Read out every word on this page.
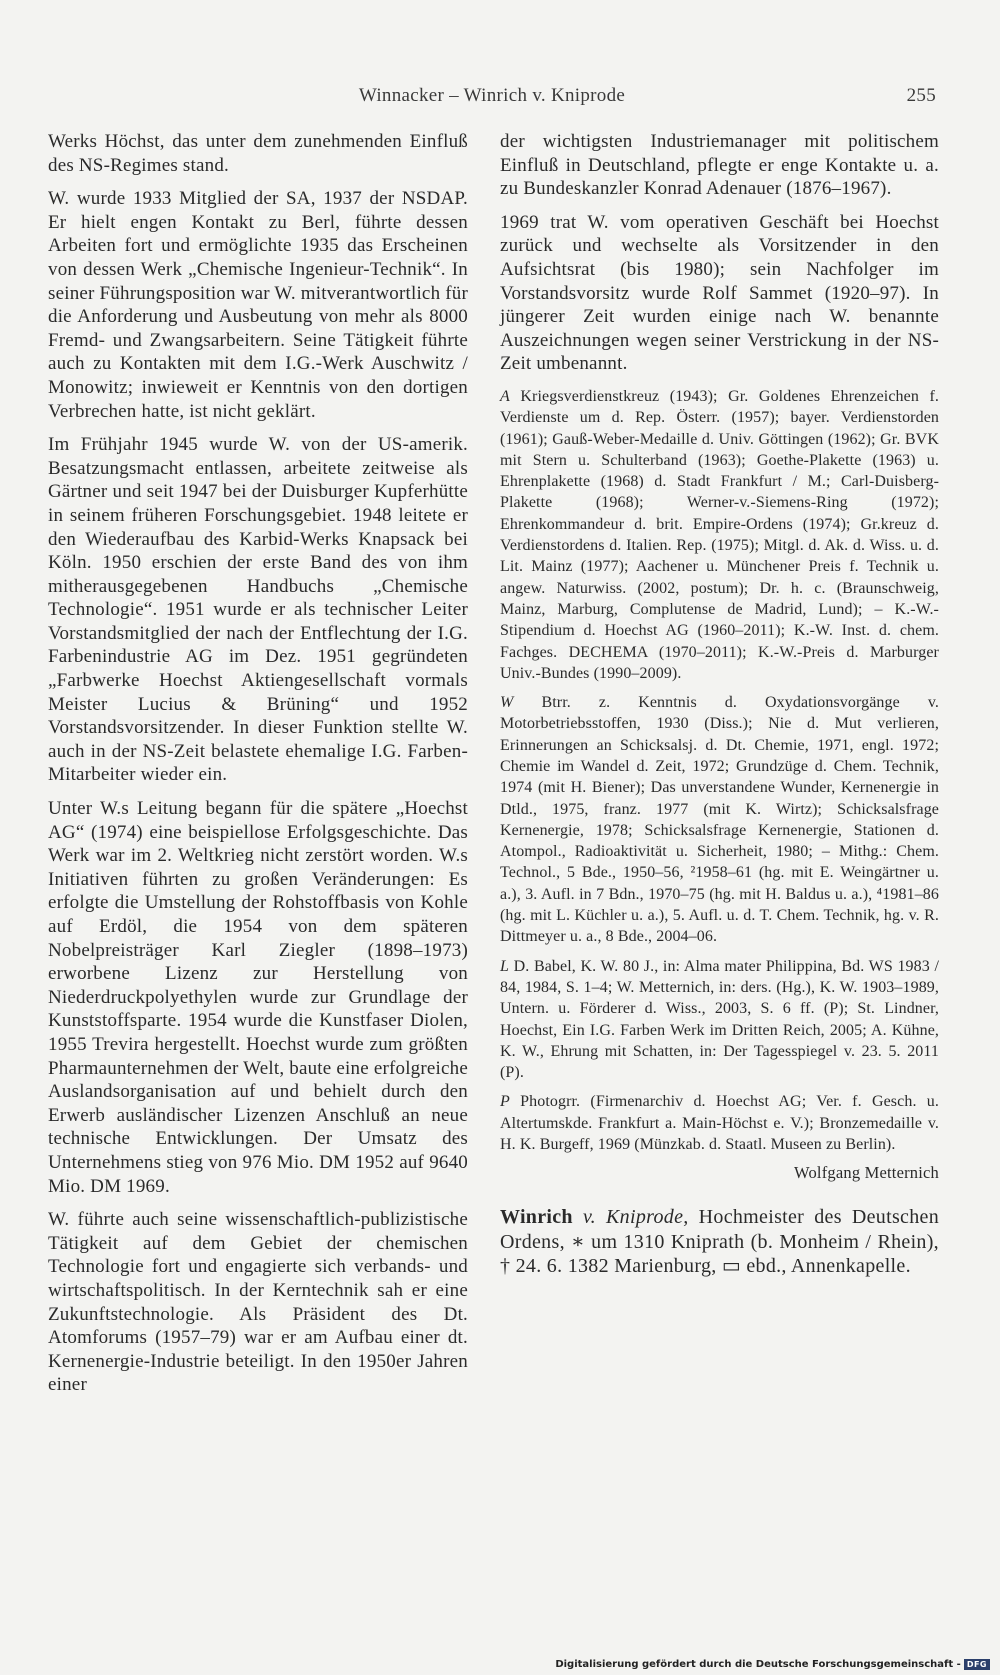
Winnacker – Winrich v. Kniprode	255

Werks Höchst, das unter dem zunehmenden Einfluß des NS-Regimes stand.

W. wurde 1933 Mitglied der SA, 1937 der NSDAP. Er hielt engen Kontakt zu Berl, führte dessen Arbeiten fort und ermöglichte 1935 das Erscheinen von dessen Werk „Chemische Ingenieur-Technik“. In seiner Führungsposition war W. mitverantwortlich für die Anforderung und Ausbeutung von mehr als 8000 Fremd- und Zwangsarbeitern. Seine Tätigkeit führte auch zu Kontakten mit dem I.G.-Werk Auschwitz / Monowitz; inwieweit er Kenntnis von den dortigen Verbrechen hatte, ist nicht geklärt.

Im Frühjahr 1945 wurde W. von der US-amerik. Besatzungsmacht entlassen, arbeitete zeitweise als Gärtner und seit 1947 bei der Duisburger Kupferhütte in seinem früheren Forschungsgebiet. 1948 leitete er den Wiederaufbau des Karbid-Werks Knapsack bei Köln. 1950 erschien der erste Band des von ihm mitherausgegebenen Handbuchs „Chemische Technologie“. 1951 wurde er als technischer Leiter Vorstandsmitglied der nach der Entflechtung der I.G. Farbenindustrie AG im Dez. 1951 gegründeten „Farbwerke Hoechst Aktiengesellschaft vormals Meister Lucius & Brüning“ und 1952 Vorstandsvorsitzender. In dieser Funktion stellte W. auch in der NS-Zeit belastete ehemalige I.G. Farben-Mitarbeiter wieder ein.

Unter W.s Leitung begann für die spätere „Hoechst AG“ (1974) eine beispiellose Erfolgsgeschichte. Das Werk war im 2. Weltkrieg nicht zerstört worden. W.s Initiativen führten zu großen Veränderungen: Es erfolgte die Umstellung der Rohstoffbasis von Kohle auf Erdöl, die 1954 von dem späteren Nobelpreisträger Karl Ziegler (1898–1973) erworbene Lizenz zur Herstellung von Niederdruckpolyethylen wurde zur Grundlage der Kunststoffsparte. 1954 wurde die Kunstfaser Diolen, 1955 Trevira hergestellt. Hoechst wurde zum größten Pharmaunternehmen der Welt, baute eine erfolgreiche Auslandsorganisation auf und behielt durch den Erwerb ausländischer Lizenzen Anschluß an neue technische Entwicklungen. Der Umsatz des Unternehmens stieg von 976 Mio. DM 1952 auf 9640 Mio. DM 1969.

W. führte auch seine wissenschaftlich-publizistische Tätigkeit auf dem Gebiet der chemischen Technologie fort und engagierte sich verbands- und wirtschaftspolitisch. In der Kerntechnik sah er eine Zukunftstechnologie. Als Präsident des Dt. Atomforums (1957–79) war er am Aufbau einer dt. Kernenergie-Industrie beteiligt. In den 1950er Jahren einer

der wichtigsten Industriemanager mit politischem Einfluß in Deutschland, pflegte er enge Kontakte u. a. zu Bundeskanzler Konrad Adenauer (1876–1967).

1969 trat W. vom operativen Geschäft bei Hoechst zurück und wechselte als Vorsitzender in den Aufsichtsrat (bis 1980); sein Nachfolger im Vorstandsvorsitz wurde Rolf Sammet (1920–97). In jüngerer Zeit wurden einige nach W. benannte Auszeichnungen wegen seiner Verstrickung in der NS-Zeit umbenannt.

A Kriegsverdienstkreuz (1943); Gr. Goldenes Ehrenzeichen f. Verdienste um d. Rep. Österr. (1957); bayer. Verdienstorden (1961); Gauß-Weber-Medaille d. Univ. Göttingen (1962); Gr. BVK mit Stern u. Schulterband (1963); Goethe-Plakette (1963) u. Ehrenplakette (1968) d. Stadt Frankfurt / M.; Carl-Duisberg-Plakette (1968); Werner-v.-Siemens-Ring (1972); Ehrenkommandeur d. brit. Empire-Ordens (1974); Gr.kreuz d. Verdienstordens d. Italien. Rep. (1975); Mitgl. d. Ak. d. Wiss. u. d. Lit. Mainz (1977); Aachener u. Münchener Preis f. Technik u. angew. Naturwiss. (2002, postum); Dr. h. c. (Braunschweig, Mainz, Marburg, Complutense de Madrid, Lund); – K.-W.-Stipendium d. Hoechst AG (1960–2011); K.-W. Inst. d. chem. Fachges. DECHEMA (1970–2011); K.-W.-Preis d. Marburger Univ.-Bundes (1990–2009).

W Btrr. z. Kenntnis d. Oxydationsvorgänge v. Motorbetriebsstoffen, 1930 (Diss.); Nie d. Mut verlieren, Erinnerungen an Schicksalsj. d. Dt. Chemie, 1971, engl. 1972; Chemie im Wandel d. Zeit, 1972; Grundzüge d. Chem. Technik, 1974 (mit H. Biener); Das unverstandene Wunder, Kernenergie in Dtld., 1975, franz. 1977 (mit K. Wirtz); Schicksalsfrage Kernenergie, 1978; Schicksalsfrage Kernenergie, Stationen d. Atompol., Radioaktivität u. Sicherheit, 1980; – Mithg.: Chem. Technol., 5 Bde., 1950–56, ²1958–61 (hg. mit E. Weingärtner u. a.), 3. Aufl. in 7 Bdn., 1970–75 (hg. mit H. Baldus u. a.), ⁴1981–86 (hg. mit L. Küchler u. a.), 5. Aufl. u. d. T. Chem. Technik, hg. v. R. Dittmeyer u. a., 8 Bde., 2004–06.

L D. Babel, K. W. 80 J., in: Alma mater Philippina, Bd. WS 1983 / 84, 1984, S. 1–4; W. Metternich, in: ders. (Hg.), K. W. 1903–1989, Untern. u. Förderer d. Wiss., 2003, S. 6 ff. (P); St. Lindner, Hoechst, Ein I.G. Farben Werk im Dritten Reich, 2005; A. Kühne, K. W., Ehrung mit Schatten, in: Der Tagesspiegel v. 23. 5. 2011 (P).

P Photogrr. (Firmenarchiv d. Hoechst AG; Ver. f. Gesch. u. Altertumskde. Frankfurt a. Main-Höchst e. V.); Bronzemedaille v. H. K. Burgeff, 1969 (Münzkab. d. Staatl. Museen zu Berlin).

Wolfgang Metternich

Winrich v. Kniprode, Hochmeister des Deutschen Ordens, ∗ um 1310 Kniprath (b. Monheim / Rhein), † 24. 6. 1382 Marienburg, ▭ ebd., Annenkapelle.

Digitalisierung gefördert durch die Deutsche Forschungsgemeinschaft - DFG
